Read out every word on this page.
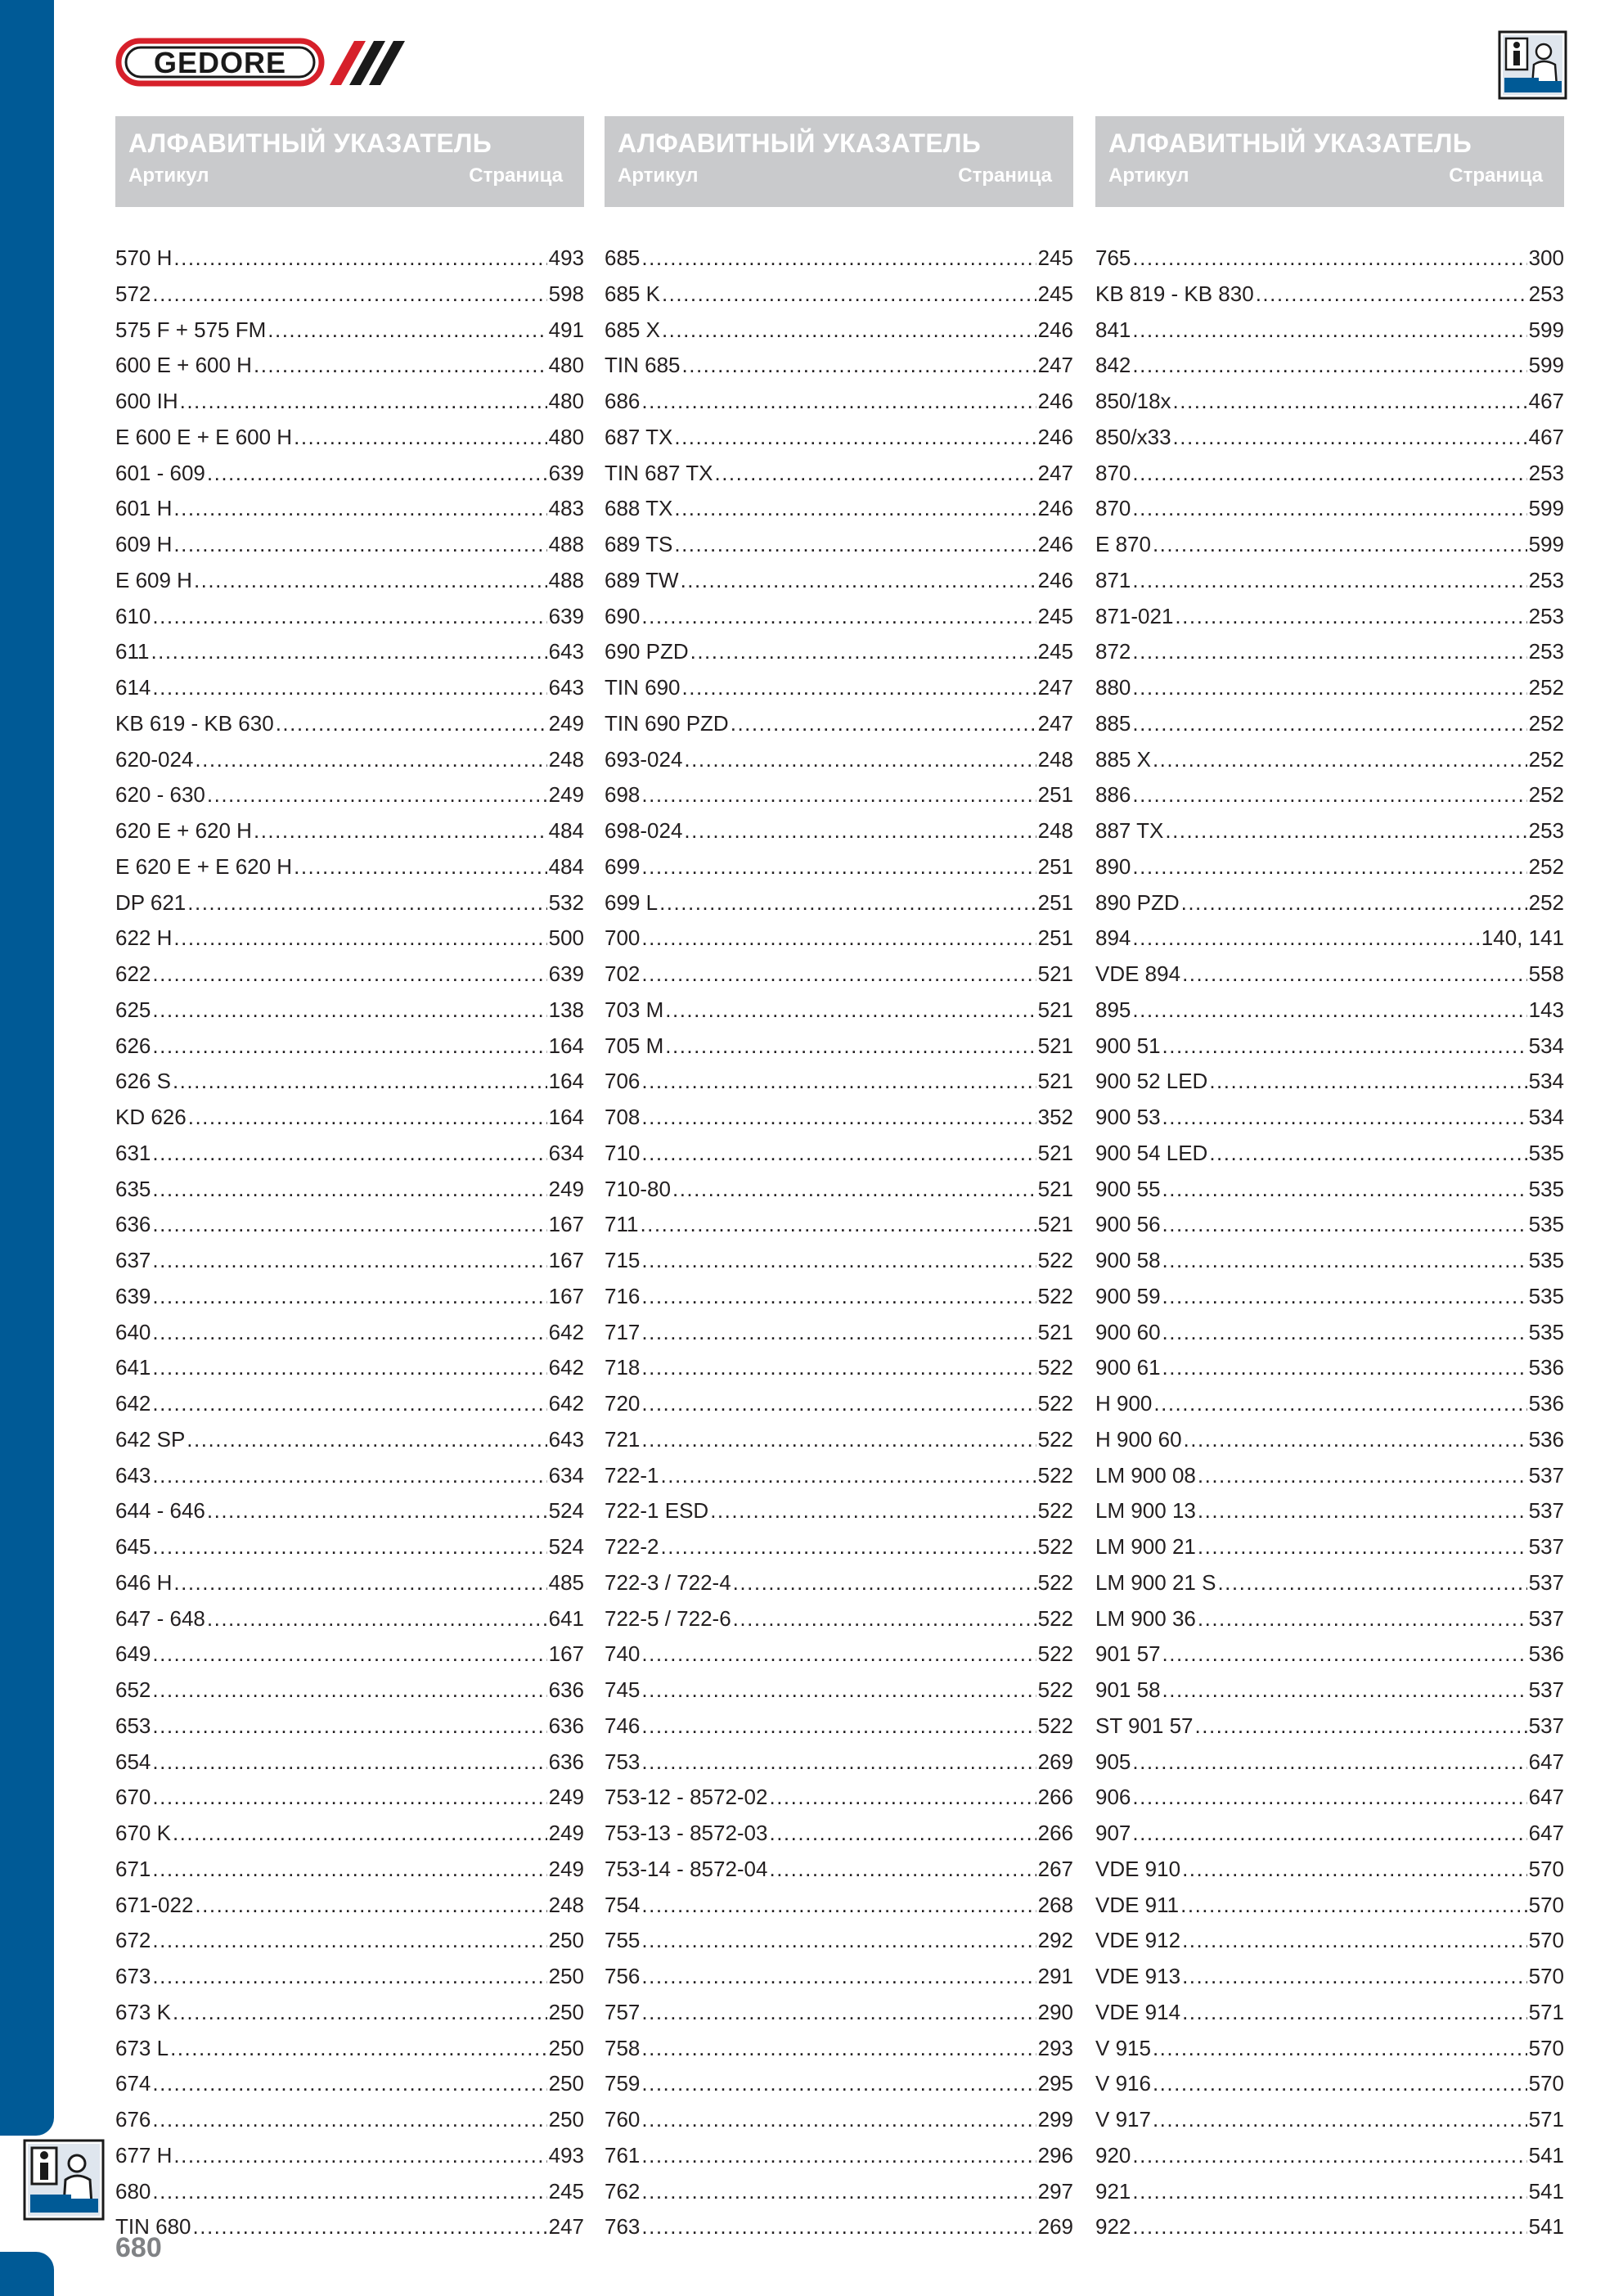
GEDORE
АЛФАВИТНЫЙ УКАЗАТЕЛЬ
Артикул	Страница
570 H .....	493
572 .....	598
575 F + 575 FM .....	491
600 E + 600 H .....	480
600 IH .....	480
E 600 E + E 600 H .....	480
601 - 609 .....	639
601 H .....	483
609 H .....	488
E 609 H .....	488
610 .....	639
611 .....	643
614 .....	643
KB 619 - KB 630 .....	249
620-024 .....	248
620 - 630 .....	249
620 E + 620 H .....	484
E 620 E + E 620 H .....	484
DP 621 .....	532
622 H .....	500
622 .....	639
625 .....	138
626 .....	164
626 S .....	164
KD 626 .....	164
631 .....	634
635 .....	249
636 .....	167
637 .....	167
639 .....	167
640 .....	642
641 .....	642
642 .....	642
642 SP .....	643
643 .....	634
644 - 646 .....	524
645 .....	524
646 H .....	485
647 - 648 .....	641
649 .....	167
652 .....	636
653 .....	636
654 .....	636
670 .....	249
670 K .....	249
671 .....	249
671-022 .....	248
672 .....	250
673 .....	250
673 K .....	250
673 L .....	250
674 .....	250
676 .....	250
677 H .....	493
680 .....	245
TIN 680 .....	247
АЛФАВИТНЫЙ УКАЗАТЕЛЬ
Артикул	Страница
685 .....	245
685 K .....	245
685 X .....	246
TIN 685 .....	247
686 .....	246
687 TX .....	246
TIN 687 TX .....	247
688 TX .....	246
689 TS .....	246
689 TW .....	246
690 .....	245
690 PZD .....	245
TIN 690 .....	247
TIN 690 PZD .....	247
693-024 .....	248
698 .....	251
698-024 .....	248
699 .....	251
699 L .....	251
700 .....	251
702 .....	521
703 M .....	521
705 M .....	521
706 .....	521
708 .....	352
710 .....	521
710-80 .....	521
711 .....	521
715 .....	522
716 .....	522
717 .....	521
718 .....	522
720 .....	522
721 .....	522
722-1 .....	522
722-1 ESD .....	522
722-2 .....	522
722-3 / 722-4 .....	522
722-5 / 722-6 .....	522
740 .....	522
745 .....	522
746 .....	522
753 .....	269
753-12 - 8572-02 .....	266
753-13 - 8572-03 .....	266
753-14 - 8572-04 .....	267
754 .....	268
755 .....	292
756 .....	291
757 .....	290
758 .....	293
759 .....	295
760 .....	299
761 .....	296
762 .....	297
763 .....	269
АЛФАВИТНЫЙ УКАЗАТЕЛЬ
Артикул	Страница
765 .....	300
KB 819 - KB 830 .....	253
841 .....	599
842 .....	599
850/18x .....	467
850/x33 .....	467
870 .....	253
870 .....	599
E 870 .....	599
871 .....	253
871-021 .....	253
872 .....	253
880 .....	252
885 .....	252
885 X .....	252
886 .....	252
887 TX .....	253
890 .....	252
890 PZD .....	252
894 .....	140, 141
VDE 894 .....	558
895 .....	143
900 51 .....	534
900 52 LED .....	534
900 53 .....	534
900 54 LED .....	535
900 55 .....	535
900 56 .....	535
900 58 .....	535
900 59 .....	535
900 60 .....	535
900 61 .....	536
H 900 .....	536
H 900 60 .....	536
LM 900 08 .....	537
LM 900 13 .....	537
LM 900 21 .....	537
LM 900 21 S .....	537
LM 900 36 .....	537
901 57 .....	536
901 58 .....	537
ST 901 57 .....	537
905 .....	647
906 .....	647
907 .....	647
VDE 910 .....	570
VDE 911 .....	570
VDE 912 .....	570
VDE 913 .....	570
VDE 914 .....	571
V 915 .....	570
V 916 .....	570
V 917 .....	571
920 .....	541
921 .....	541
922 .....	541
680
